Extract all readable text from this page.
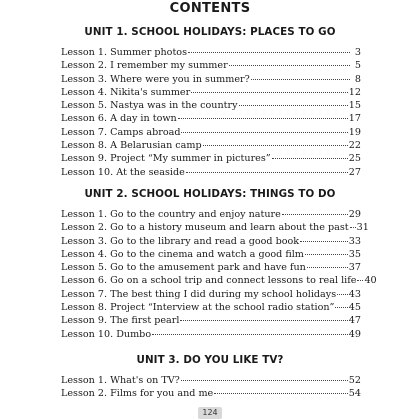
CONTENTS
UNIT 1. SCHOOL HOLIDAYS: PLACES TO GO
Lesson 1. Summer photos	3
Lesson 2. I remember my summer	5
Lesson 3. Where were you in summer?	8
Lesson 4. Nikita's summer	12
Lesson 5. Nastya was in the country	15
Lesson 6. A day in town	17
Lesson 7. Camps abroad	19
Lesson 8. A Belarusian camp	22
Lesson 9. Project “My summer in pictures”	25
Lesson 10. At the seaside	27
UNIT 2. SCHOOL HOLIDAYS: THINGS TO DO
Lesson 1. Go to the country and enjoy nature	29
Lesson 2. Go to a history museum and learn about the past 31
Lesson 3. Go to the library and read a good book	33
Lesson 4. Go to the cinema and watch a good film	35
Lesson 5. Go to the amusement park and have fun	37
Lesson 6. Go on a school trip and connect lessons to real life 40
Lesson 7. The best thing I did during my school holidays 43
Lesson 8. Project “Interview at the school radio station” 45
Lesson 9. The first pearl	47
Lesson 10. Dumbo	49
UNIT 3. DO YOU LIKE TV?
Lesson 1. What's on TV?	52
Lesson 2. Films for you and me	54
124
